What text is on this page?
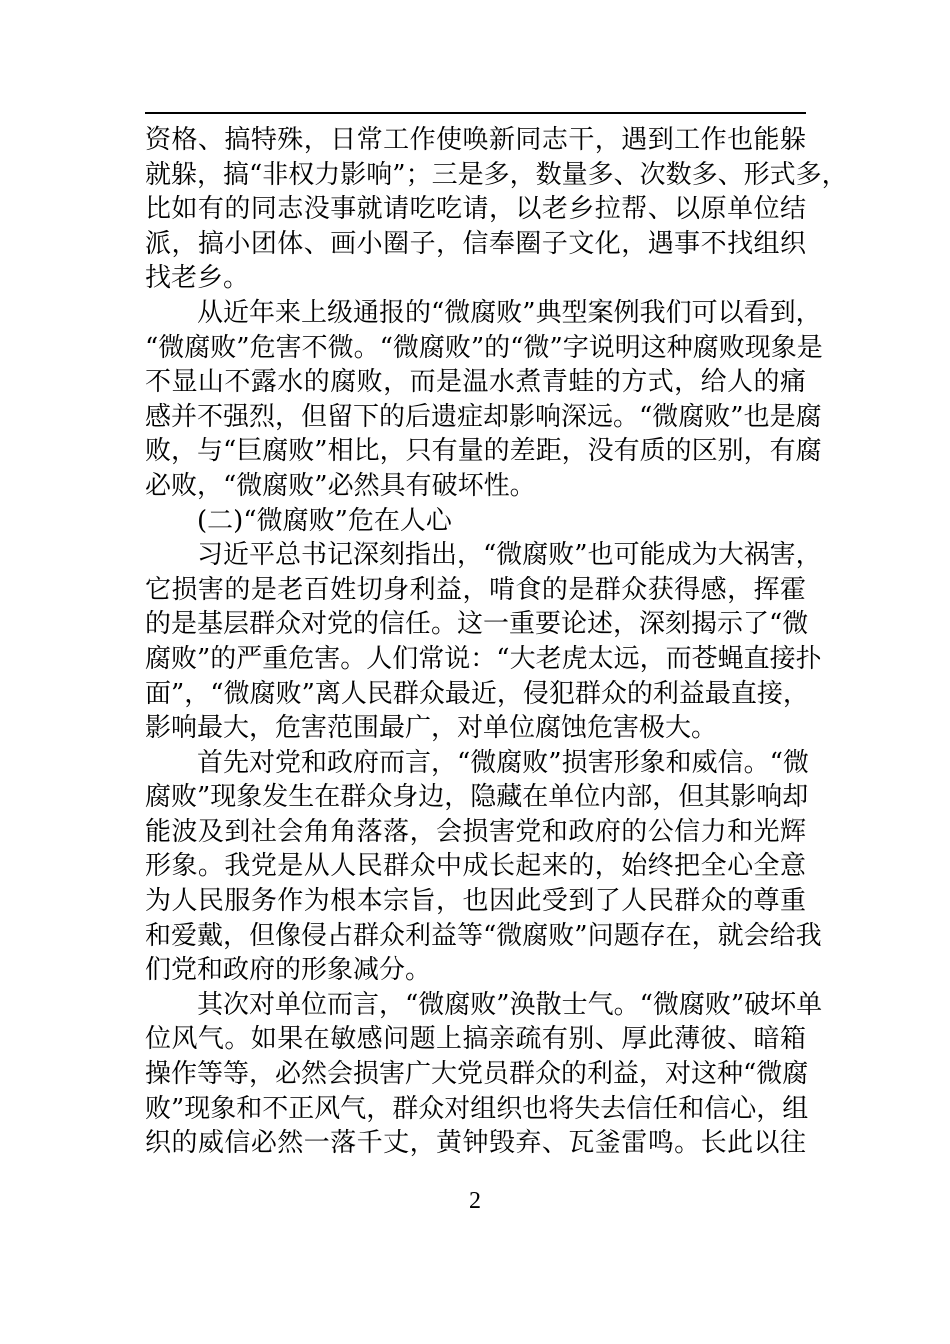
资格、搞特殊，日常工作使唤新同志干，遇到工作也能躲
就躲，搞“非权力影响”；三是多，数量多、次数多、形式多，
比如有的同志没事就请吃吃请，以老乡拉帮、以原单位结
派，搞小团体、画小圈子，信奉圈子文化，遇事不找组织
找老乡。
从近年来上级通报的“微腐败”典型案例我们可以看到，
“微腐败”危害不微。“微腐败”的“微”字说明这种腐败现象是
不显山不露水的腐败，而是温水煮青蛙的方式，给人的痛
感并不强烈，但留下的后遗症却影响深远。“微腐败”也是腐
败，与“巨腐败”相比，只有量的差距，没有质的区别，有腐
必败，“微腐败”必然具有破坏性。
(二)“微腐败”危在人心
习近平总书记深刻指出，“微腐败”也可能成为大祸害，
它损害的是老百姓切身利益，啃食的是群众获得感，挥霍
的是基层群众对党的信任。这一重要论述，深刻揭示了“微
腐败”的严重危害。人们常说：“大老虎太远，而苍蝇直接扑
面”，“微腐败”离人民群众最近，侵犯群众的利益最直接，
影响最大，危害范围最广，对单位腐蚀危害极大。
首先对党和政府而言，“微腐败”损害形象和威信。“微
腐败”现象发生在群众身边，隐藏在单位内部，但其影响却
能波及到社会角角落落，会损害党和政府的公信力和光辉
形象。我党是从人民群众中成长起来的，始终把全心全意
为人民服务作为根本宗旨，也因此受到了人民群众的尊重
和爱戴，但像侵占群众利益等“微腐败”问题存在，就会给我
们党和政府的形象减分。
其次对单位而言，“微腐败”涣散士气。“微腐败”破坏单
位风气。如果在敏感问题上搞亲疏有别、厚此薄彼、暗箱
操作等等，必然会损害广大党员群众的利益，对这种“微腐
败”现象和不正风气，群众对组织也将失去信任和信心，组
织的威信必然一落千丈，黄钟毁弃、瓦釜雷鸣。长此以往
2
